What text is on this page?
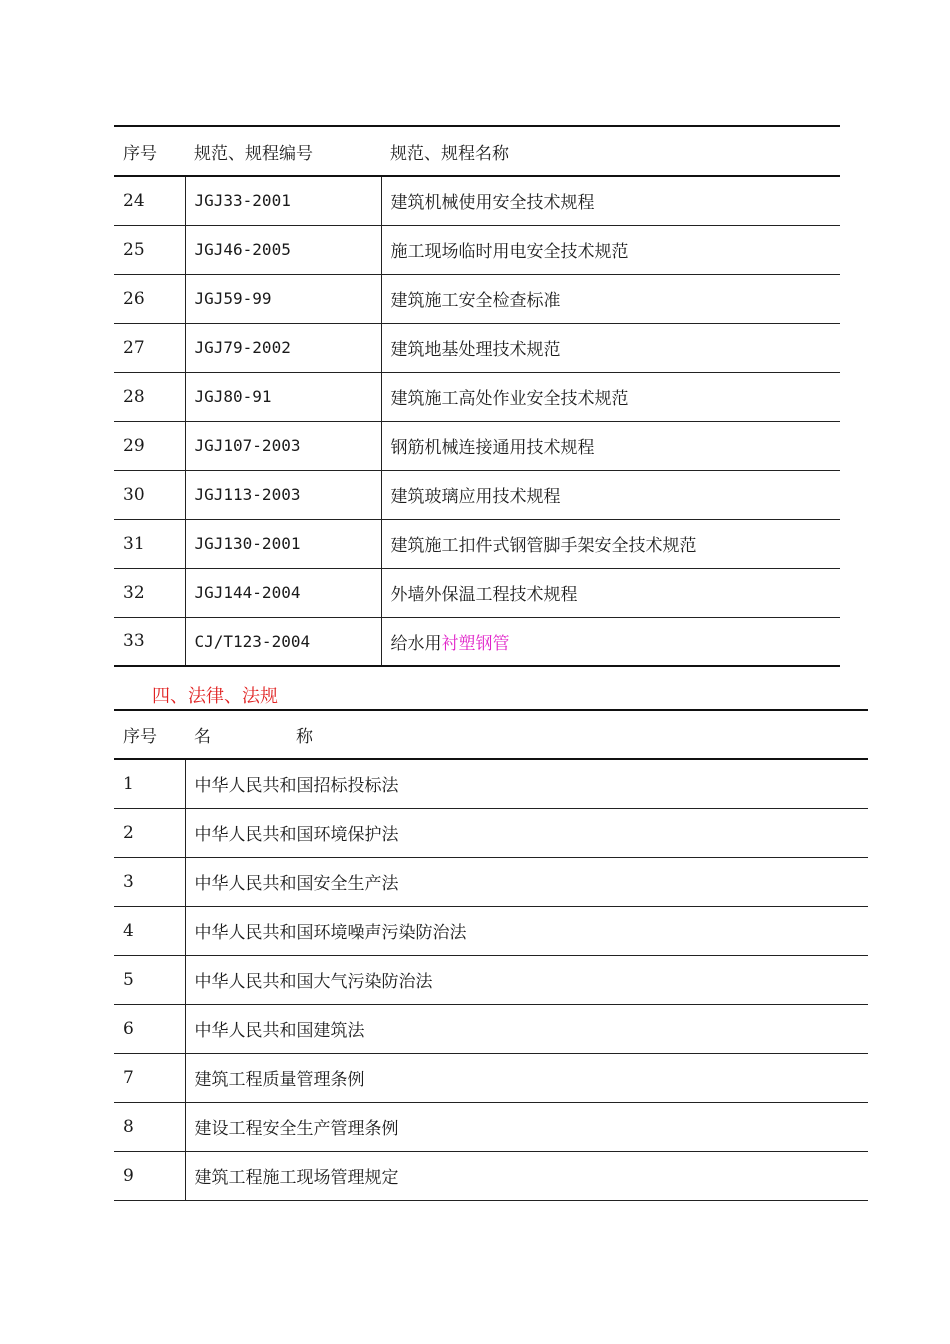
序号	规范、规程编号	规范、规程名称
24	JGJ33-2001	建筑机械使用安全技术规程
25	JGJ46-2005	施工现场临时用电安全技术规范
26	JGJ59-99	建筑施工安全检查标准
27	JGJ79-2002	建筑地基处理技术规范
28	JGJ80-91	建筑施工高处作业安全技术规范
29	JGJ107-2003	钢筋机械连接通用技术规程
30	JGJ113-2003	建筑玻璃应用技术规程
31	JGJ130-2001	建筑施工扣件式钢管脚手架安全技术规范
32	JGJ144-2004	外墙外保温工程技术规程
33	CJ/T123-2004	给水用衬塑钢管
四、法律、法规
序号	名　　　　　称
1	中华人民共和国招标投标法
2	中华人民共和国环境保护法
3	中华人民共和国安全生产法
4	中华人民共和国环境噪声污染防治法
5	中华人民共和国大气污染防治法
6	中华人民共和国建筑法
7	建筑工程质量管理条例
8	建设工程安全生产管理条例
9	建筑工程施工现场管理规定
